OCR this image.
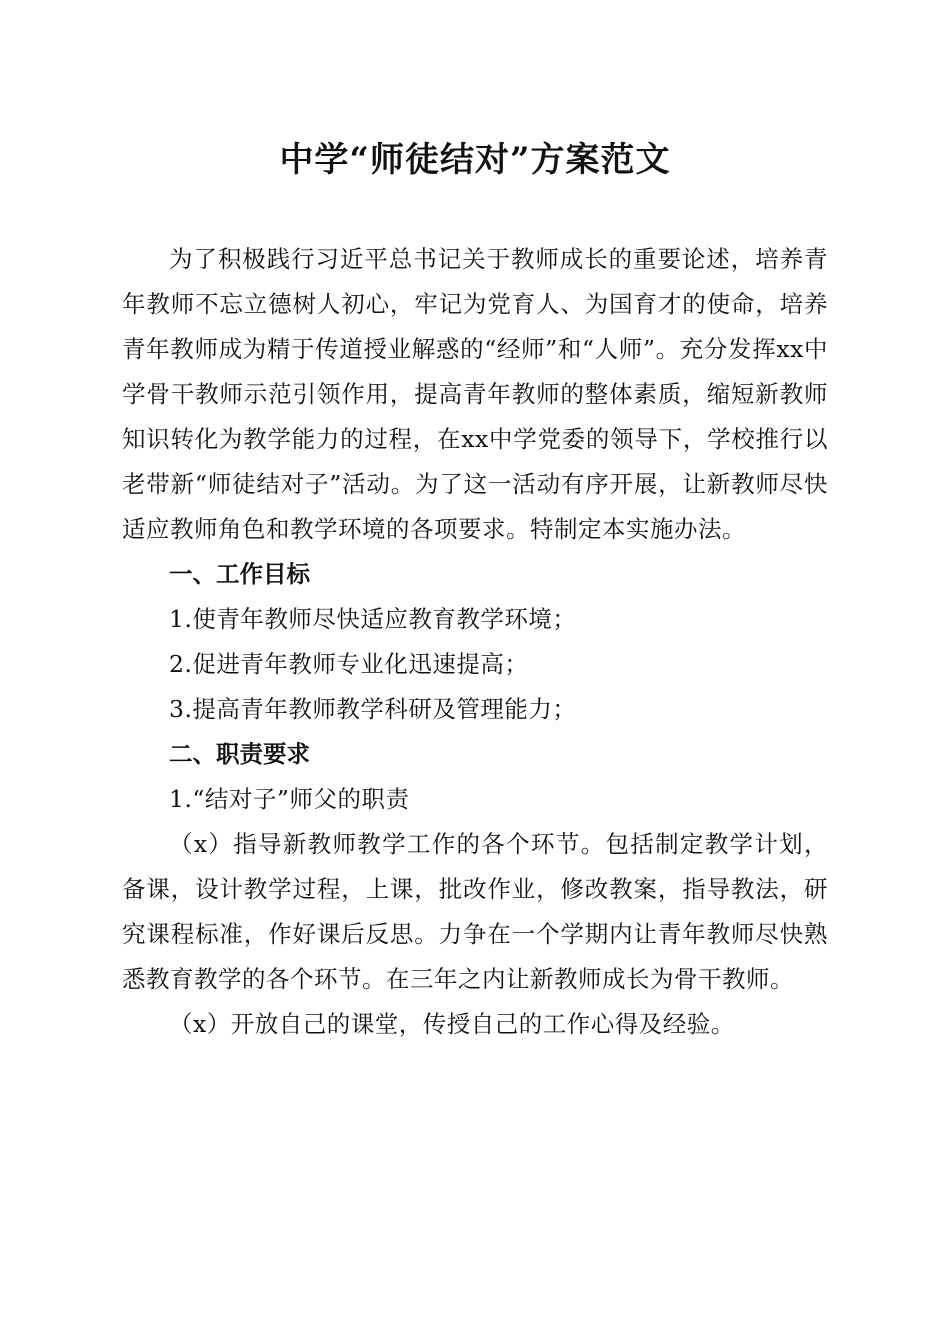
中学“师徒结对”方案范文

为了积极践行习近平总书记关于教师成长的重要论述，培养青年教师不忘立德树人初心，牢记为党育人、为国育才的使命，培养青年教师成为精于传道授业解惑的“经师”和“人师”。充分发挥xx中学骨干教师示范引领作用，提高青年教师的整体素质，缩短新教师知识转化为教学能力的过程，在xx中学党委的领导下，学校推行以老带新“师徒结对子”活动。为了这一活动有序开展，让新教师尽快适应教师角色和教学环境的各项要求。特制定本实施办法。

一、工作目标

1.使青年教师尽快适应教育教学环境；

2.促进青年教师专业化迅速提高；

3.提高青年教师教学科研及管理能力；

二、职责要求

1.“结对子”师父的职责

（x）指导新教师教学工作的各个环节。包括制定教学计划，备课，设计教学过程，上课，批改作业，修改教案，指导教法，研究课程标准，作好课后反思。力争在一个学期内让青年教师尽快熟悉教育教学的各个环节。在三年之内让新教师成长为骨干教师。

（x）开放自己的课堂，传授自己的工作心得及经验。
